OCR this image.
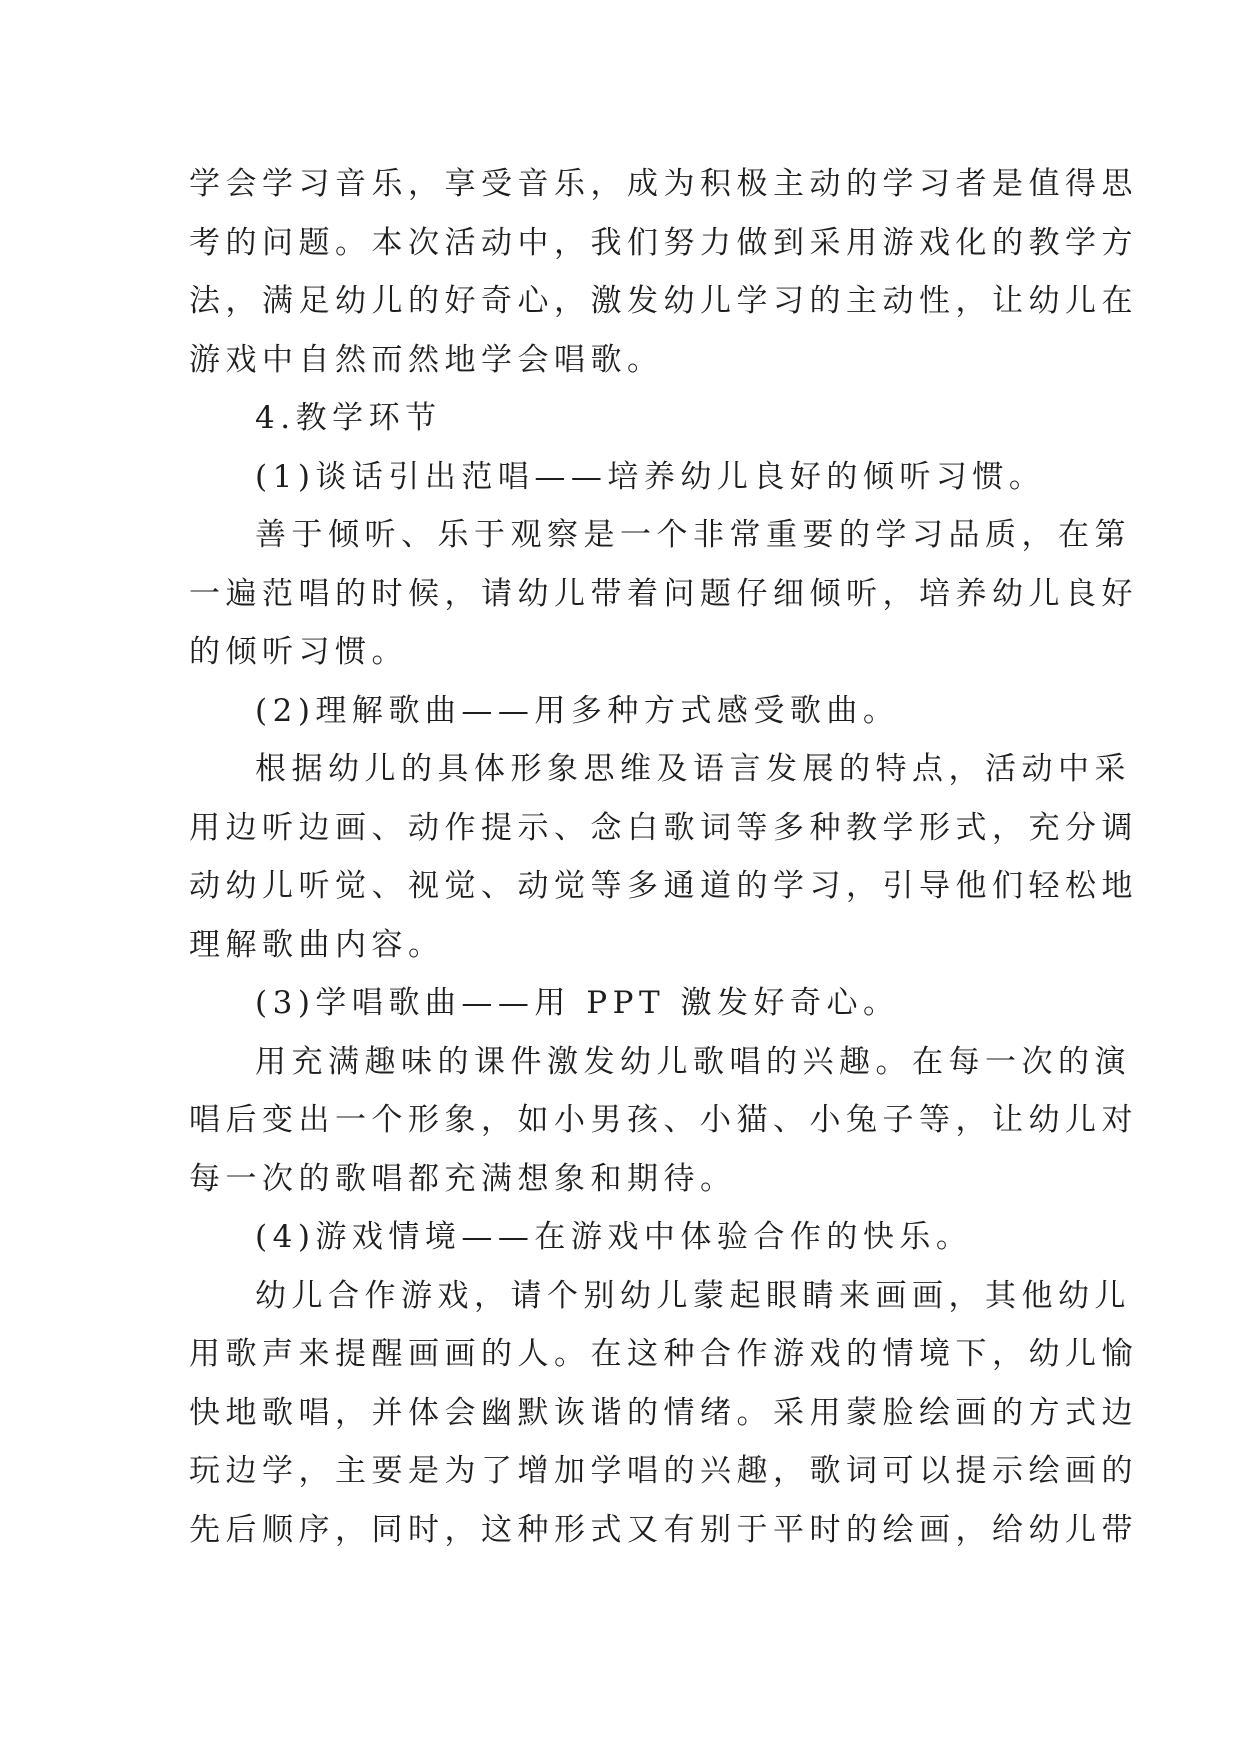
学会学习音乐，享受音乐，成为积极主动的学习者是值得思
考的问题。本次活动中，我们努力做到采用游戏化的教学方
法，满足幼儿的好奇心，激发幼儿学习的主动性，让幼儿在
游戏中自然而然地学会唱歌。
4.教学环节
(1)谈话引出范唱——培养幼儿良好的倾听习惯。
善于倾听、乐于观察是一个非常重要的学习品质，在第
一遍范唱的时候，请幼儿带着问题仔细倾听，培养幼儿良好
的倾听习惯。
(2)理解歌曲——用多种方式感受歌曲。
根据幼儿的具体形象思维及语言发展的特点，活动中采
用边听边画、动作提示、念白歌词等多种教学形式，充分调
动幼儿听觉、视觉、动觉等多通道的学习，引导他们轻松地
理解歌曲内容。
(3)学唱歌曲——用 PPT 激发好奇心。
用充满趣味的课件激发幼儿歌唱的兴趣。在每一次的演
唱后变出一个形象，如小男孩、小猫、小兔子等，让幼儿对
每一次的歌唱都充满想象和期待。
(4)游戏情境——在游戏中体验合作的快乐。
幼儿合作游戏，请个别幼儿蒙起眼睛来画画，其他幼儿
用歌声来提醒画画的人。在这种合作游戏的情境下，幼儿愉
快地歌唱，并体会幽默诙谐的情绪。采用蒙脸绘画的方式边
玩边学，主要是为了增加学唱的兴趣，歌词可以提示绘画的
先后顺序，同时，这种形式又有别于平时的绘画，给幼儿带
